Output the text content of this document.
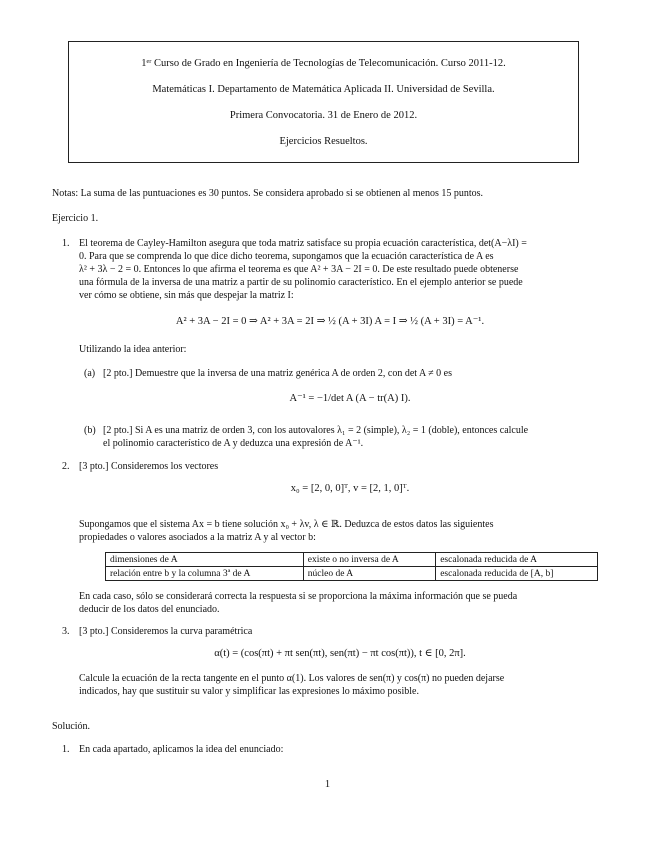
1ᵉʳ Curso de Grado en Ingeniería de Tecnologías de Telecomunicación. Curso 2011-12.
Matemáticas I. Departamento de Matemática Aplicada II. Universidad de Sevilla.
Primera Convocatoria. 31 de Enero de 2012.
Ejercicios Resueltos.
Notas: La suma de las puntuaciones es 30 puntos. Se considera aprobado si se obtienen al menos 15 puntos.
Ejercicio 1.
1. El teorema de Cayley-Hamilton asegura que toda matriz satisface su propia ecuación característica, det(A−λI) =
0. Para que se comprenda lo que dice dicho teorema, supongamos que la ecuación característica de A es
λ² + 3λ − 2 = 0. Entonces lo que afirma el teorema es que A² + 3A − 2I = 0. De este resultado puede obtenerse
una fórmula de la inversa de una matriz a partir de su polinomio característico. En el ejemplo anterior se puede
ver cómo se obtiene, sin más que despejar la matriz I:
A² + 3A − 2I = 0 ⇒ A² + 3A = 2I ⇒ ½ (A + 3I) A = I ⇒ ½ (A + 3I) = A⁻¹.
Utilizando la idea anterior:
(a) [2 pto.] Demuestre que la inversa de una matriz genérica A de orden 2, con det A ≠ 0 es
A⁻¹ = −1/det A (A − tr(A) I).
(b) [2 pto.] Si A es una matriz de orden 3, con los autovalores λ₁ = 2 (simple), λ₂ = 1 (doble), entonces calcule
el polinomio característico de A y deduzca una expresión de A⁻¹.
2. [3 pto.] Consideremos los vectores
x₀ = [2, 0, 0]ᵀ, v = [2, 1, 0]ᵀ.
Supongamos que el sistema Ax = b tiene solución x₀ + λv, λ ∈ ℝ. Deduzca de estos datos las siguientes
propiedades o valores asociados a la matriz A y al vector b:
dimensiones de A	existe o no inversa de A	escalonada reducida de A
relación entre b y la columna 3ª de A	núcleo de A	escalonada reducida de [A, b]
En cada caso, sólo se considerará correcta la respuesta si se proporciona la máxima información que se pueda
deducir de los datos del enunciado.
3. [3 pto.] Consideremos la curva paramétrica
α(t) = (cos(πt) + πt sen(πt), sen(πt) − πt cos(πt)), t ∈ [0, 2π].
Calcule la ecuación de la recta tangente en el punto α(1). Los valores de sen(π) y cos(π) no pueden dejarse
indicados, hay que sustituir su valor y simplificar las expresiones lo máximo posible.
Solución.
1. En cada apartado, aplicamos la idea del enunciado:
1
